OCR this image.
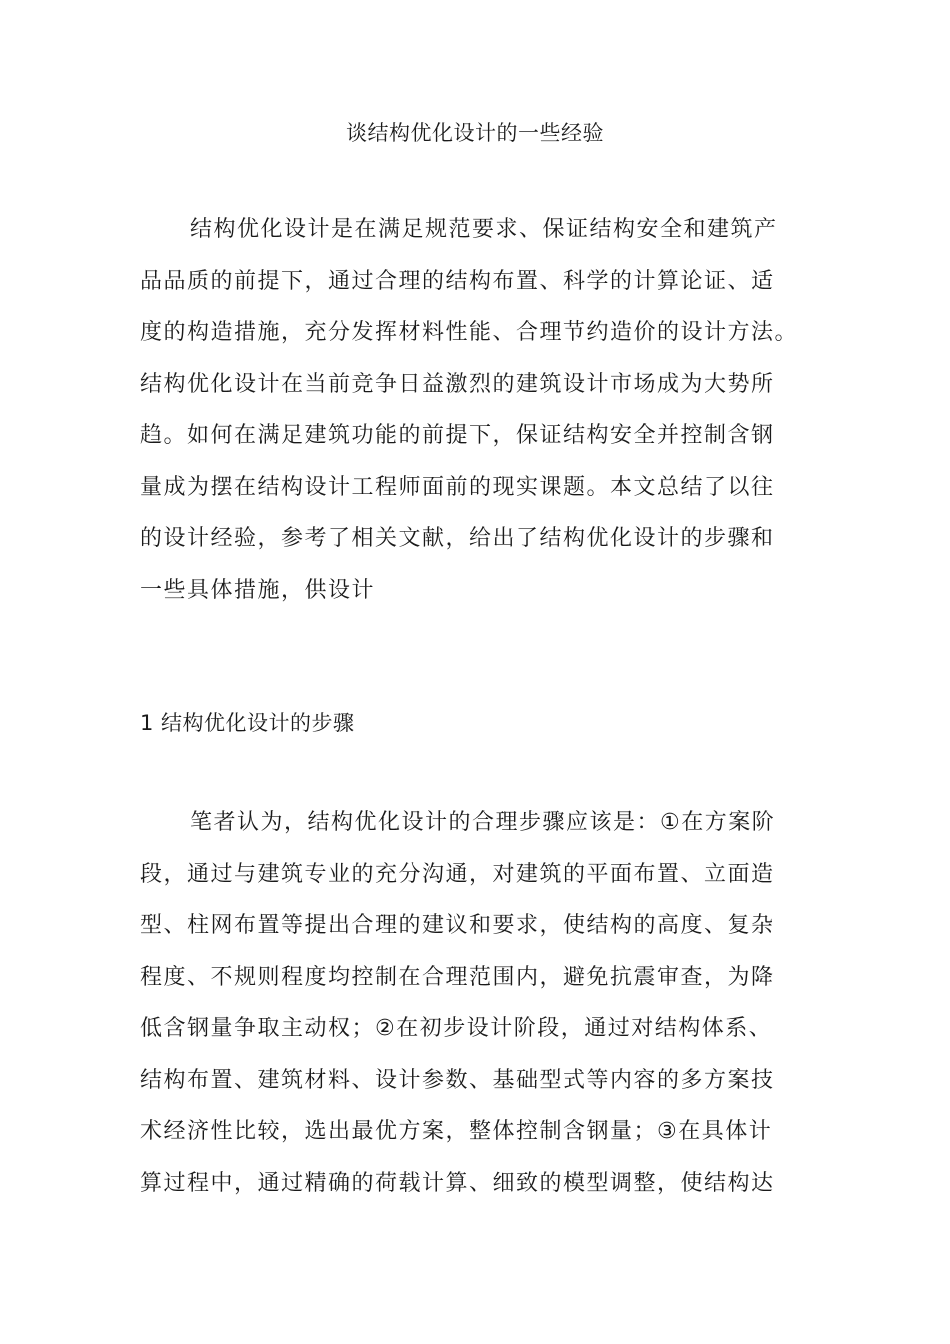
谈结构优化设计的一些经验
结构优化设计是在满足规范要求、保证结构安全和建筑产
品品质的前提下，通过合理的结构布置、科学的计算论证、适
度的构造措施，充分发挥材料性能、合理节约造价的设计方法。
结构优化设计在当前竞争日益激烈的建筑设计市场成为大势所
趋。如何在满足建筑功能的前提下，保证结构安全并控制含钢
量成为摆在结构设计工程师面前的现实课题。本文总结了以往
的设计经验，参考了相关文献，给出了结构优化设计的步骤和
一些具体措施，供设计
1 结构优化设计的步骤
笔者认为，结构优化设计的合理步骤应该是：①在方案阶
段，通过与建筑专业的充分沟通，对建筑的平面布置、立面造
型、柱网布置等提出合理的建议和要求，使结构的高度、复杂
程度、不规则程度均控制在合理范围内，避免抗震审查，为降
低含钢量争取主动权；②在初步设计阶段，通过对结构体系、
结构布置、建筑材料、设计参数、基础型式等内容的多方案技
术经济性比较，选出最优方案，整体控制含钢量；③在具体计
算过程中，通过精确的荷载计算、细致的模型调整，使结构达
